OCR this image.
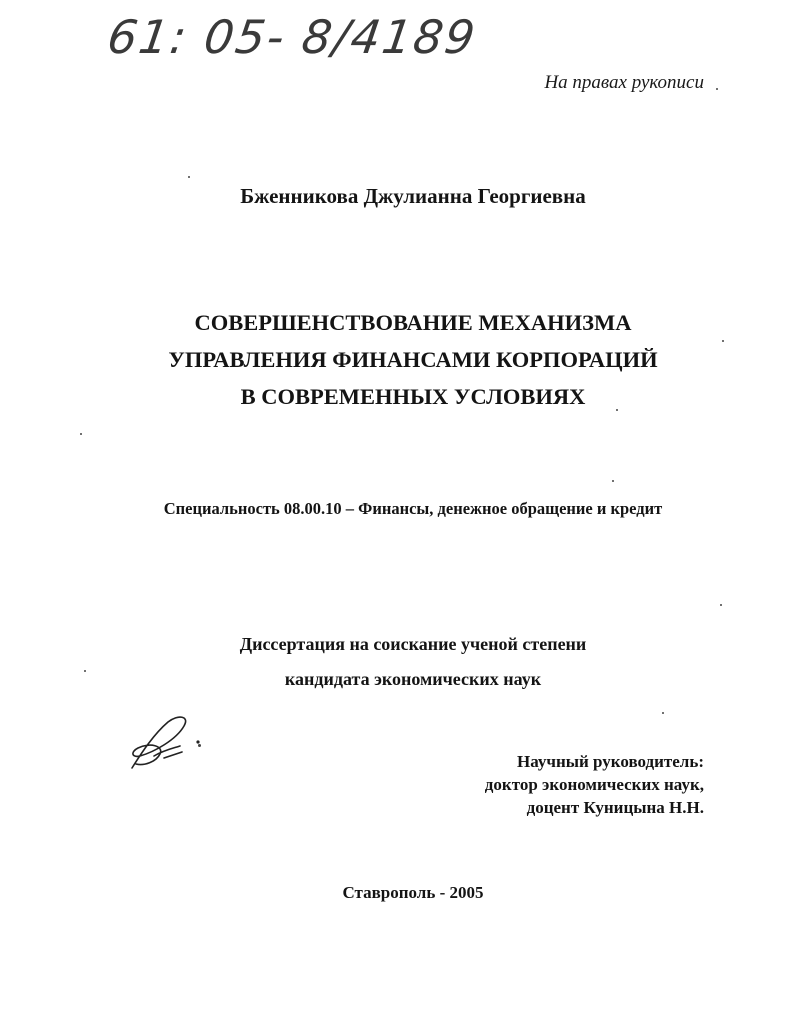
61: 05- 8/4189
На правах рукописи
Бженникова Джулианна Георгиевна
СОВЕРШЕНСТВОВАНИЕ МЕХАНИЗМА
УПРАВЛЕНИЯ ФИНАНСАМИ КОРПОРАЦИЙ
В СОВРЕМЕННЫХ УСЛОВИЯХ
Специальность 08.00.10 – Финансы, денежное обращение и кредит
Диссертация на соискание ученой степени
кандидата экономических наук
Научный руководитель:
доктор экономических наук,
доцент Куницына Н.Н.
Ставрополь - 2005
